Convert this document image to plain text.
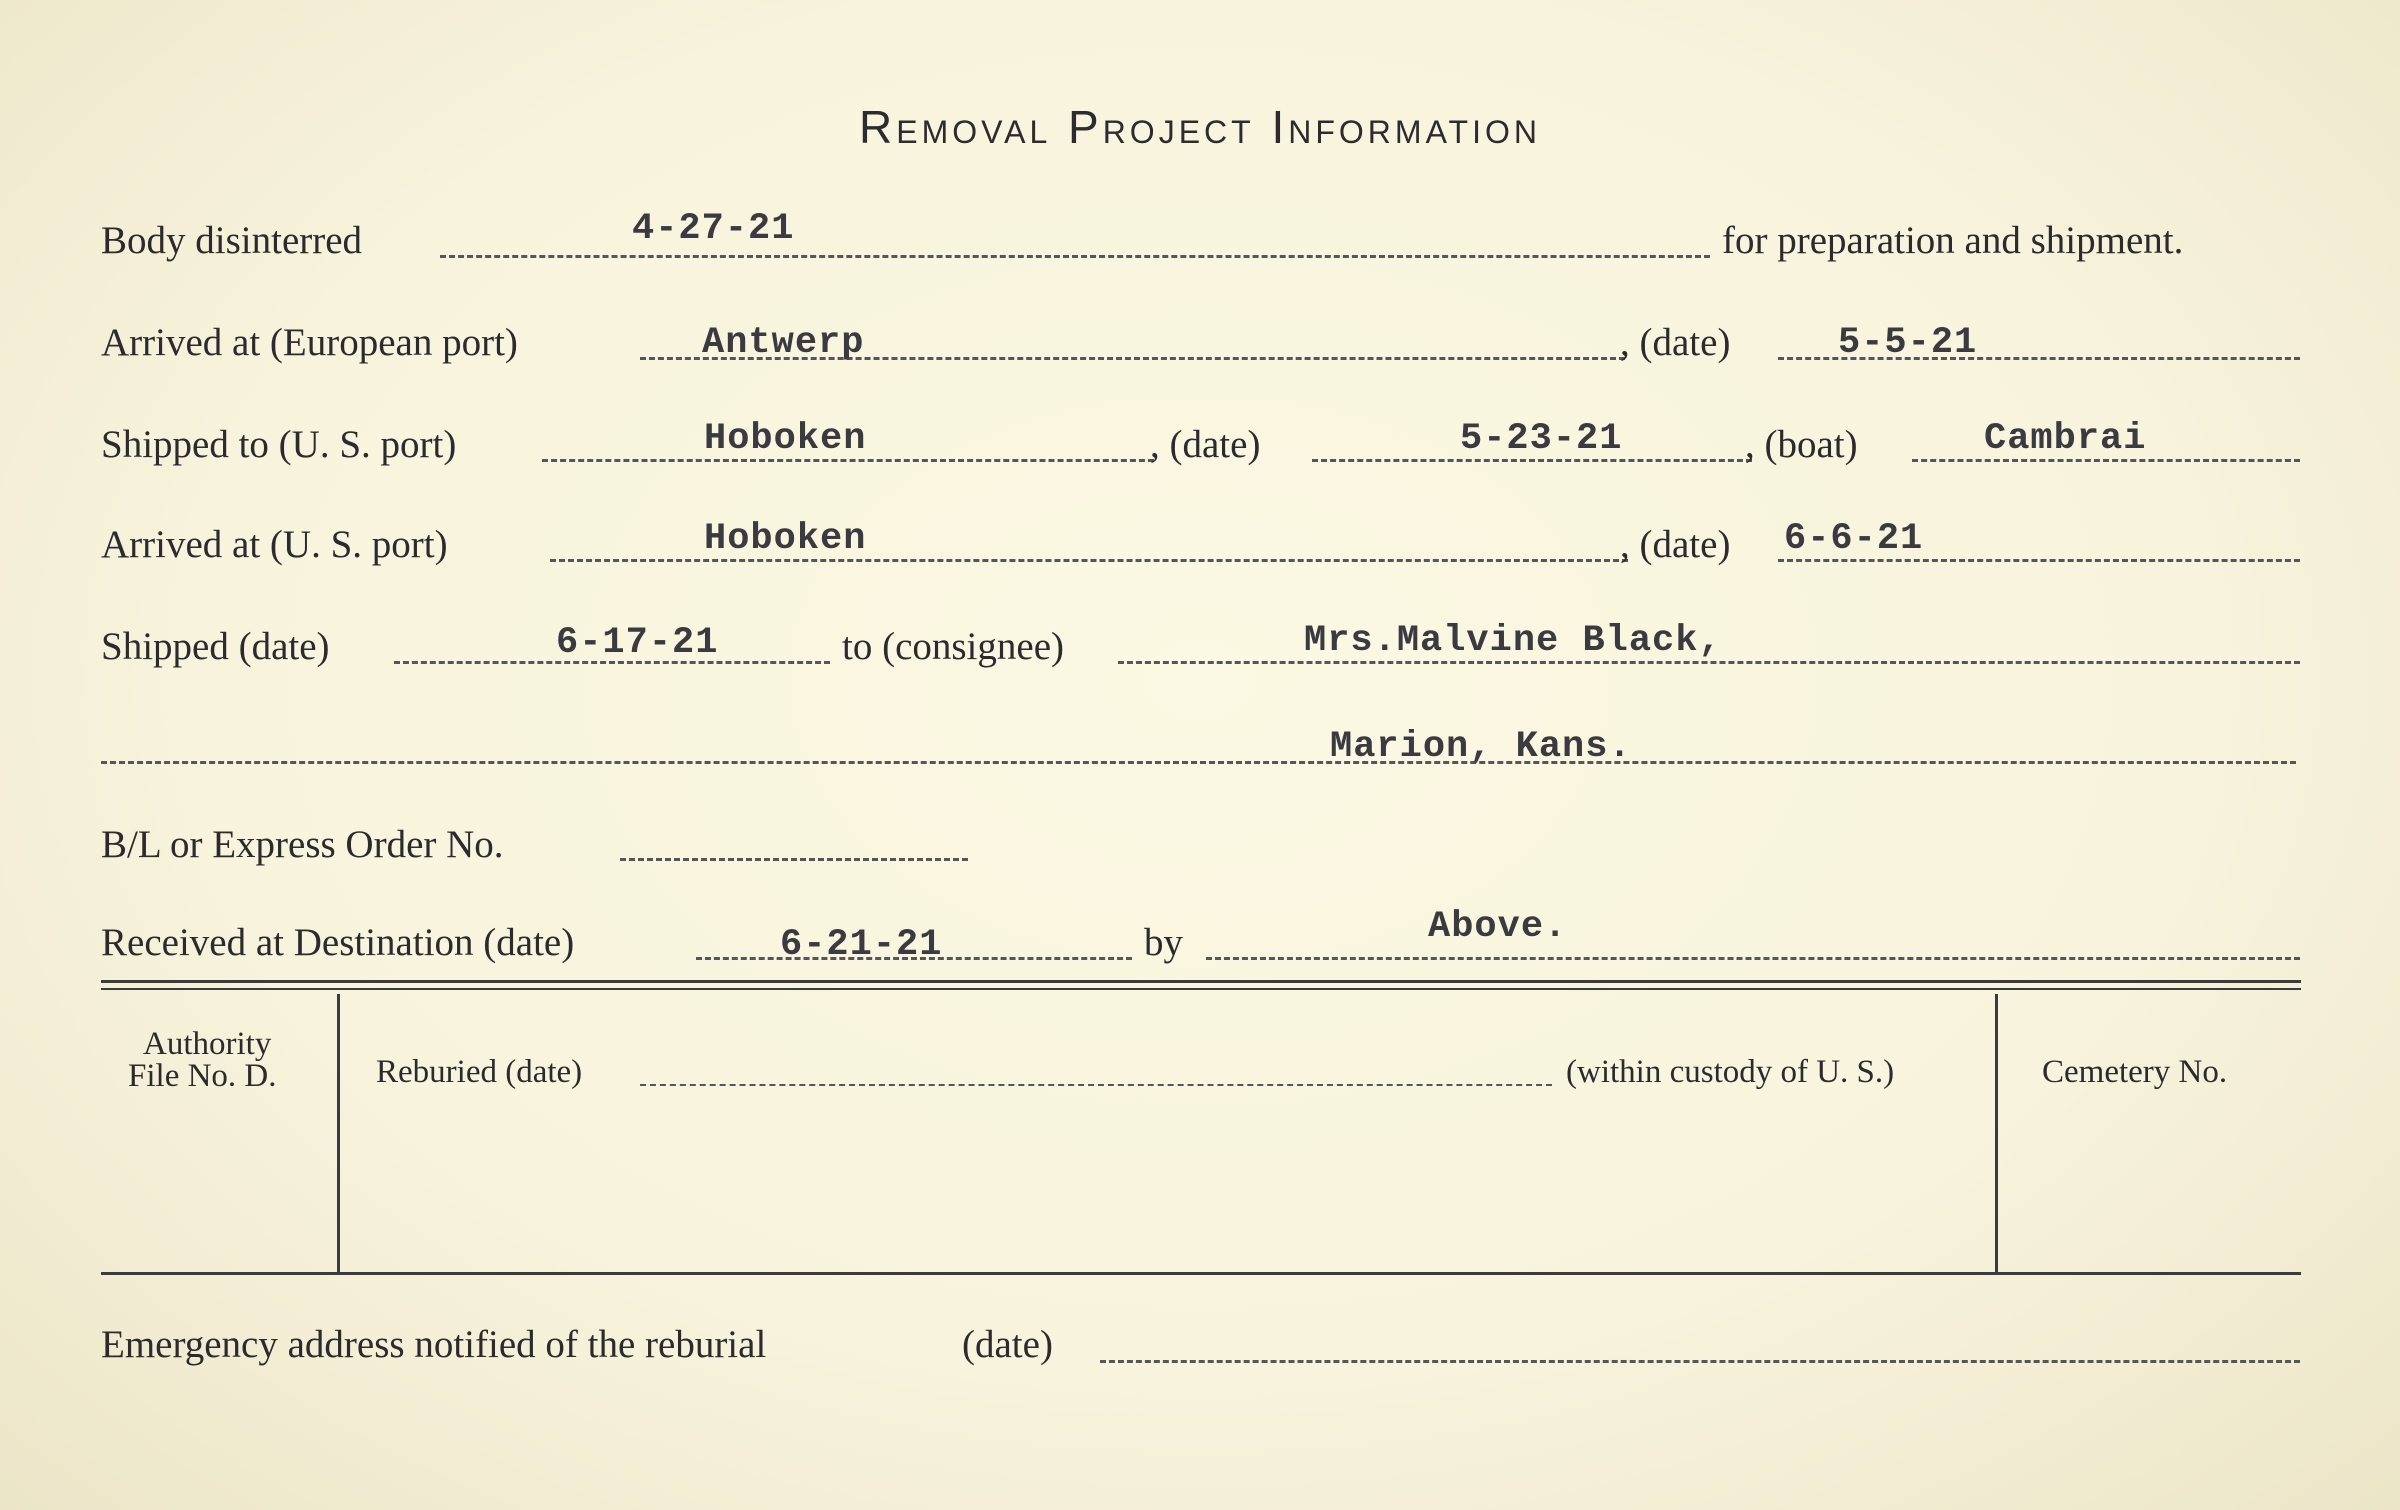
Removal Project Information
Body disinterred	4-27-21	for preparation and shipment.
Arrived at (European port)	Antwerp	, (date)	5-5-21
Shipped to (U. S. port)	Hoboken	, (date)	5-23-21	, (boat)	Cambrai
Arrived at (U. S. port)	Hoboken	, (date) 6-6-21
Shipped (date)	6-17-21	to (consignee)	Mrs.Malvine Black,
Marion, Kans.
B/L or Express Order No.
Received at Destination (date)	6-21-21	by	Above.
Authority
File No. D.	Reburied (date)	(within custody of U. S.)	Cemetery No.
Emergency address notified of the reburial	(date)
